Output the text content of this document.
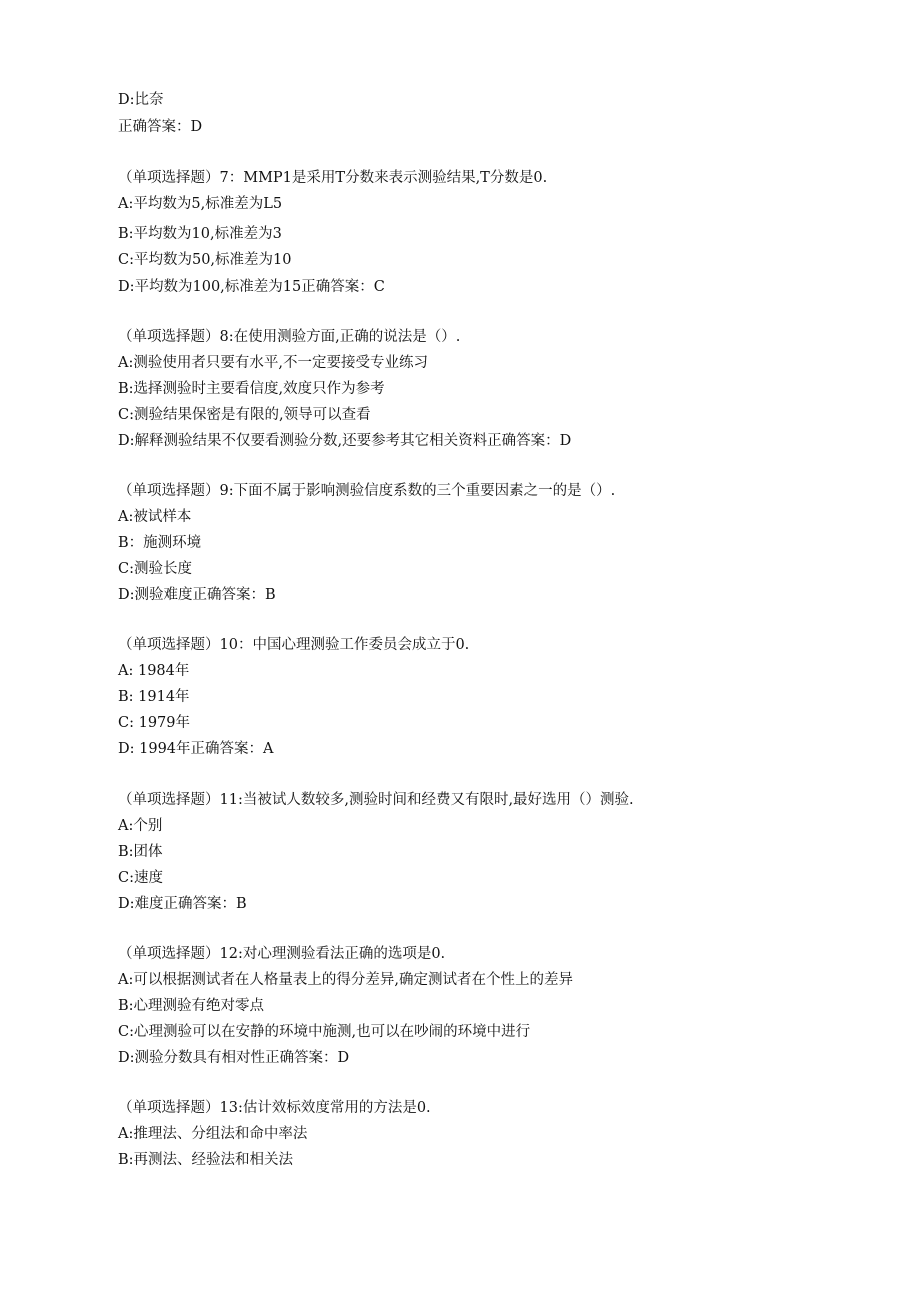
D:比奈
正确答案：D
（单项选择题）7：MMP1是采用T分数来表示测验结果,T分数是0.
A:平均数为5,标准差为L5
B:平均数为10,标准差为3
C:平均数为50,标准差为10
D:平均数为100,标准差为15正确答案：C
（单项选择题）8:在使用测验方面,正确的说法是（）.
A:测验使用者只要有水平,不一定要接受专业练习
B:选择测验时主要看信度,效度只作为参考
C:测验结果保密是有限的,领导可以查看
D:解释测验结果不仅要看测验分数,还要参考其它相关资料正确答案：D
（单项选择题）9:下面不属于影响测验信度系数的三个重要因素之一的是（）.
A:被试样本
B：施测环境
C:测验长度
D:测验难度正确答案：B
（单项选择题）10：中国心理测验工作委员会成立于0.
A: 1984年
B: 1914年
C: 1979年
D: 1994年正确答案：A
（单项选择题）11:当被试人数较多,测验时间和经费又有限时,最好选用（）测验.
A:个别
B:团体
C:速度
D:难度正确答案：B
（单项选择题）12:对心理测验看法正确的选项是0.
A:可以根据测试者在人格量表上的得分差异,确定测试者在个性上的差异
B:心理测验有绝对零点
C:心理测验可以在安静的环境中施测,也可以在吵闹的环境中进行
D:测验分数具有相对性正确答案：D
（单项选择题）13:估计效标效度常用的方法是0.
A:推理法、分组法和命中率法
B:再测法、经验法和相关法
